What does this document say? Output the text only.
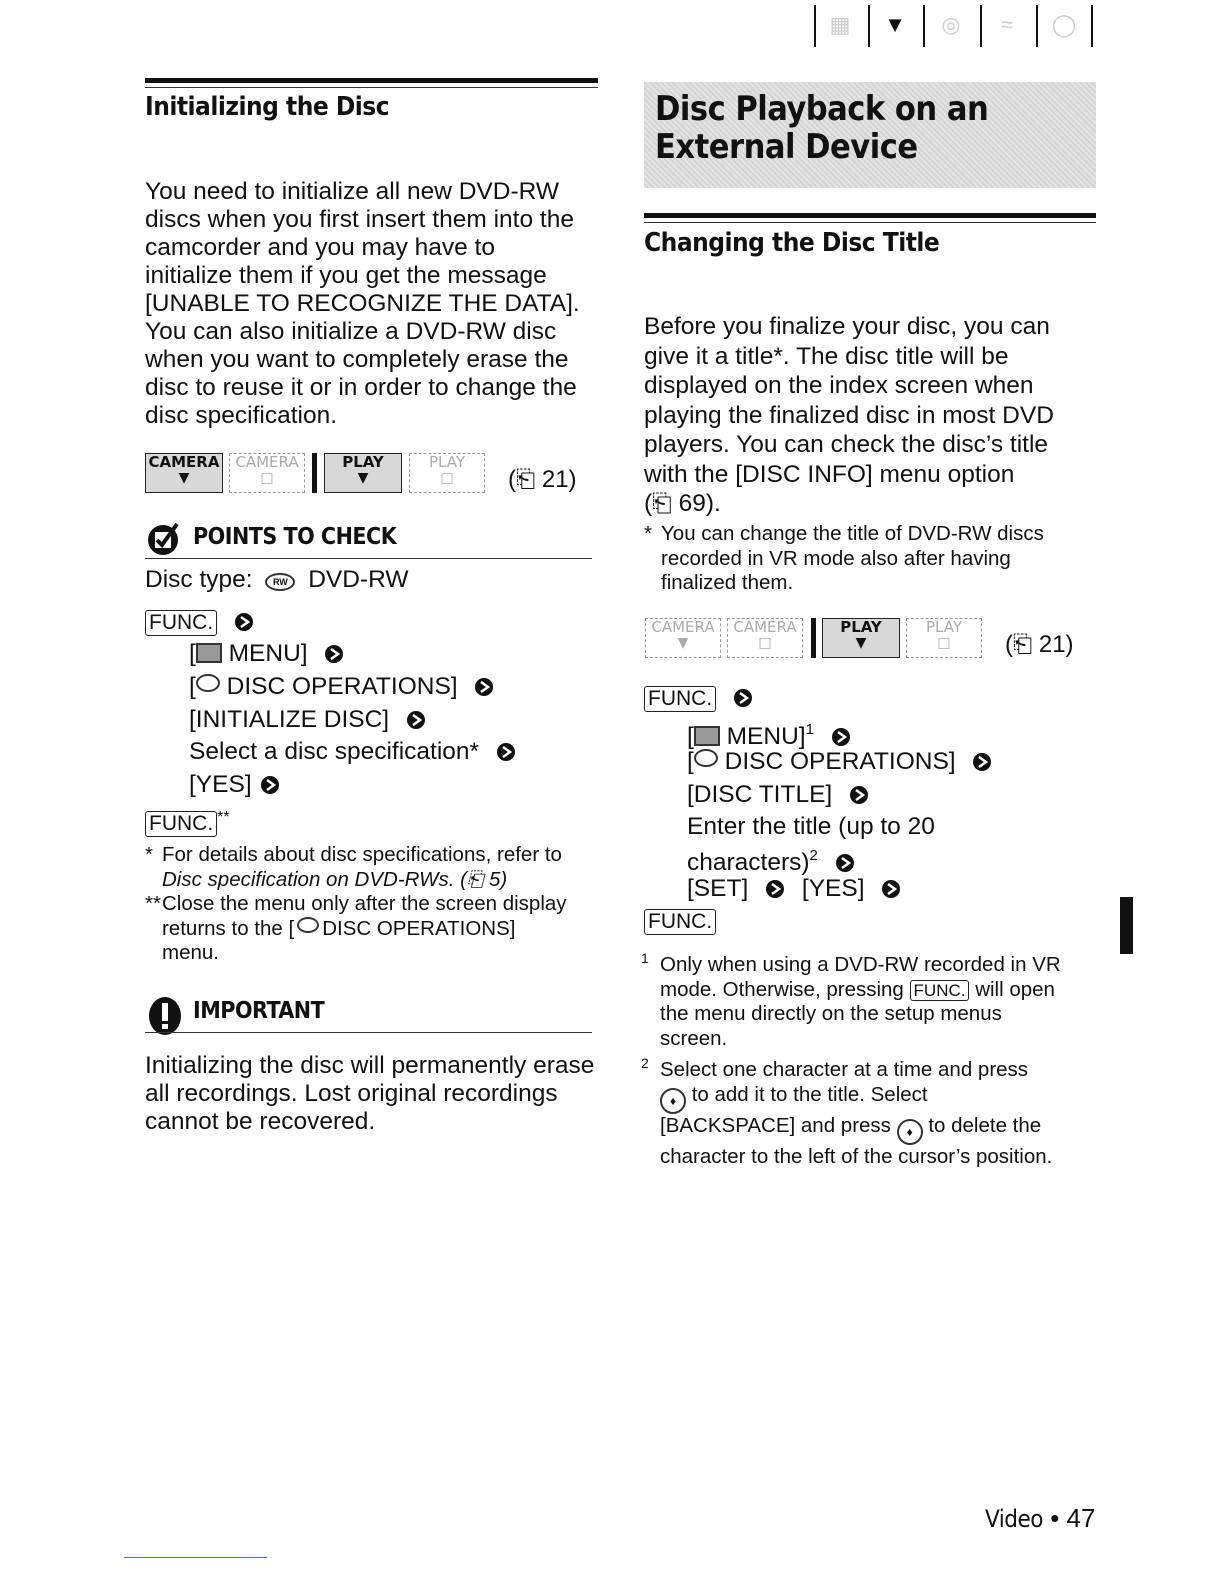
▦ ▼ ◎	≈	◯
Initializing the Disc
You need to initialize all new DVD-RW
discs when you first insert them into the
camcorder and you may have to
initialize them if you get the message
[UNABLE TO RECOGNIZE THE DATA].
You can also initialize a DVD-RW disc
when you want to completely erase the
disc to reuse it or in order to change the
disc specification.
CAMERA
▼
CAMERA
□
PLAY
▼
PLAY
□	(⎗ 21)
POINTS TO CHECK
Disc type: RW DVD-RW
FUNC.
[ MENU]
[ DISC OPERATIONS]
[INITIALIZE DISC]
Select a disc specification*
[YES]
FUNC. **
* For details about disc specifications, refer to
Disc specification on DVD-RWs. (⎗ 5)
**Close the menu only after the screen display
returns to the [ DISC OPERATIONS]
menu.
IMPORTANT
Initializing the disc will permanently erase
all recordings. Lost original recordings
cannot be recovered.
Disc Playback on an
External Device
Changing the Disc Title
Before you finalize your disc, you can
give it a title*. The disc title will be
displayed on the index screen when
playing the finalized disc in most DVD
players. You can check the disc’s title
with the [DISC INFO] menu option
(⎗ 69).
* You can change the title of DVD-RW discs
recorded in VR mode also after having
finalized them.
CAMERA
▼
CAMERA
□
PLAY
▼
PLAY
□	(⎗ 21)
FUNC.
[ MENU]$^1$
[ DISC OPERATIONS]
[DISC TITLE]
Enter the title (up to 20
characters)$^2$
[SET] [YES]
FUNC.
1 Only when using a DVD-RW recorded in VR
mode. Otherwise, pressing FUNC. will open
the menu directly on the setup menus
screen.
2 Select one character at a time and press
♦ to add it to the title. Select
[BACKSPACE] and press ♦ to delete the
character to the left of the cursor’s position.
Video • 47
